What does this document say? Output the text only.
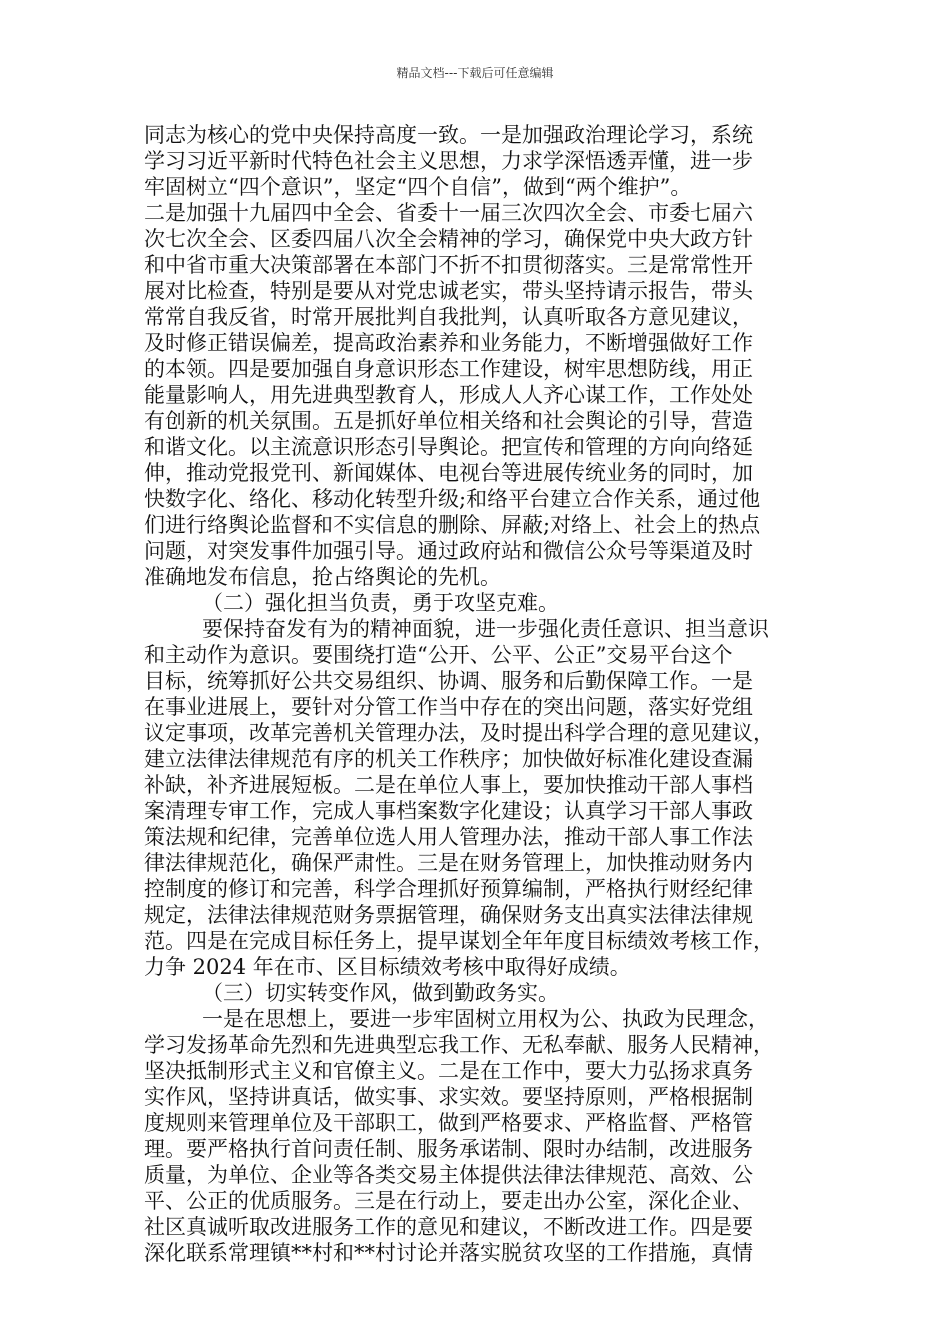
精品文档---下载后可任意编辑
同志为核心的党中央保持高度一致。一是加强政治理论学习，系统
学习习近平新时代特色社会主义思想，力求学深悟透弄懂，进一步
牢固树立“四个意识”，坚定“四个自信”，做到“两个维护”。
二是加强十九届四中全会、省委十一届三次四次全会、市委七届六
次七次全会、区委四届八次全会精神的学习，确保党中央大政方针
和中省市重大决策部署在本部门不折不扣贯彻落实。三是常常性开
展对比检查，特别是要从对党忠诚老实，带头坚持请示报告，带头
常常自我反省，时常开展批判自我批判，认真听取各方意见建议，
及时修正错误偏差，提高政治素养和业务能力，不断增强做好工作
的本领。四是要加强自身意识形态工作建设，树牢思想防线，用正
能量影响人，用先进典型教育人，形成人人齐心谋工作，工作处处
有创新的机关氛围。五是抓好单位相关络和社会舆论的引导，营造
和谐文化。以主流意识形态引导舆论。把宣传和管理的方向向络延
伸，推动党报党刊、新闻媒体、电视台等进展传统业务的同时，加
快数字化、络化、移动化转型升级;和络平台建立合作关系，通过他
们进行络舆论监督和不实信息的删除、屏蔽;对络上、社会上的热点
问题，对突发事件加强引导。通过政府站和微信公众号等渠道及时
准确地发布信息，抢占络舆论的先机。
（二）强化担当负责，勇于攻坚克难。
要保持奋发有为的精神面貌，进一步强化责任意识、担当意识
和主动作为意识。要围绕打造“公开、公平、公正”交易平台这个
目标，统筹抓好公共交易组织、协调、服务和后勤保障工作。一是
在事业进展上，要针对分管工作当中存在的突出问题，落实好党组
议定事项，改革完善机关管理办法，及时提出科学合理的意见建议，
建立法律法律规范有序的机关工作秩序；加快做好标准化建设查漏
补缺，补齐进展短板。二是在单位人事上，要加快推动干部人事档
案清理专审工作，完成人事档案数字化建设；认真学习干部人事政
策法规和纪律，完善单位选人用人管理办法，推动干部人事工作法
律法律规范化，确保严肃性。三是在财务管理上，加快推动财务内
控制度的修订和完善，科学合理抓好预算编制，严格执行财经纪律
规定，法律法律规范财务票据管理，确保财务支出真实法律法律规
范。四是在完成目标任务上，提早谋划全年年度目标绩效考核工作，
力争 2024 年在市、区目标绩效考核中取得好成绩。
（三）切实转变作风，做到勤政务实。
一是在思想上，要进一步牢固树立用权为公、执政为民理念，
学习发扬革命先烈和先进典型忘我工作、无私奉献、服务人民精神，
坚决抵制形式主义和官僚主义。二是在工作中，要大力弘扬求真务
实作风，坚持讲真话，做实事、求实效。要坚持原则，严格根据制
度规则来管理单位及干部职工，做到严格要求、严格监督、严格管
理。要严格执行首问责任制、服务承诺制、限时办结制，改进服务
质量，为单位、企业等各类交易主体提供法律法律规范、高效、公
平、公正的优质服务。三是在行动上，要走出办公室，深化企业、
社区真诚听取改进服务工作的意见和建议，不断改进工作。四是要
深化联系常理镇**村和**村讨论并落实脱贫攻坚的工作措施，真情
